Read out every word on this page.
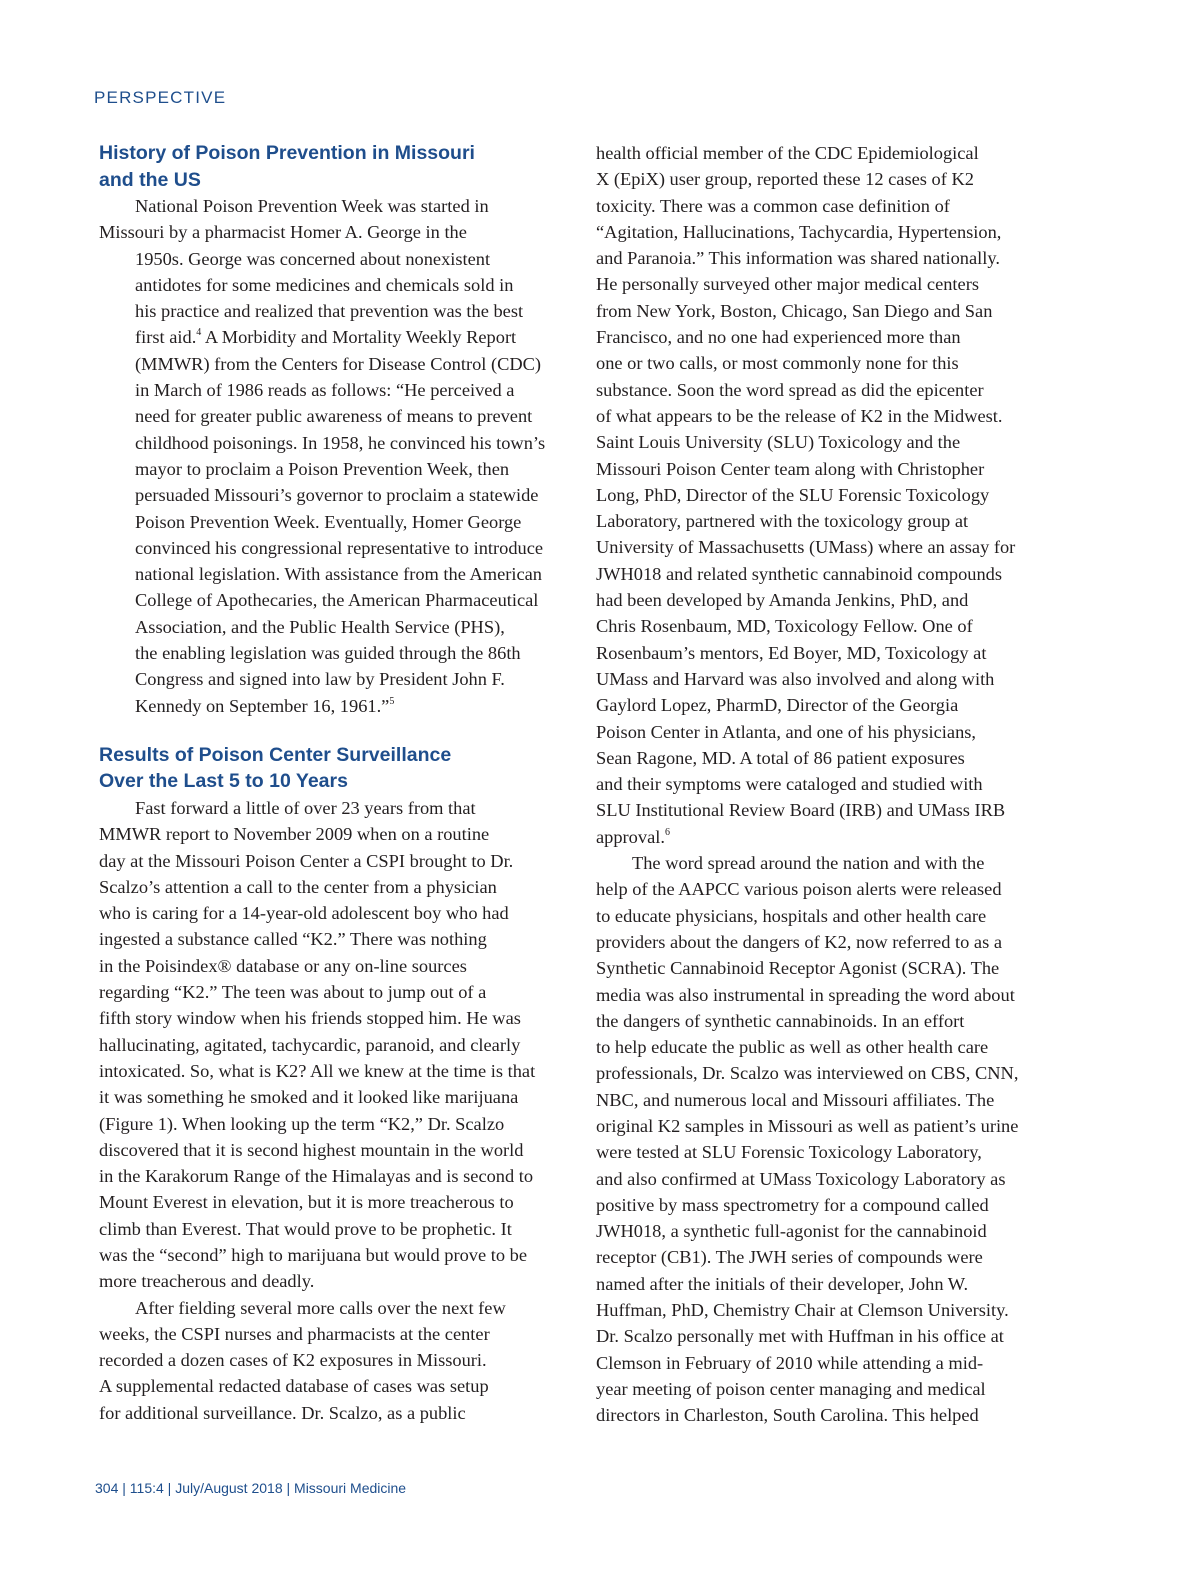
PERSPECTIVE
History of Poison Prevention in Missouri
and the US

National Poison Prevention Week was started in
Missouri by a pharmacist Homer A. George in the
1950s. George was concerned about nonexistent
antidotes for some medicines and chemicals sold in
his practice and realized that prevention was the best
first aid.$^4$ A Morbidity and Mortality Weekly Report
(MMWR) from the Centers for Disease Control (CDC)
in March of 1986 reads as follows: “He perceived a
need for greater public awareness of means to prevent
childhood poisonings. In 1958, he convinced his town’s
mayor to proclaim a Poison Prevention Week, then
persuaded Missouri’s governor to proclaim a statewide
Poison Prevention Week. Eventually, Homer George
convinced his congressional representative to introduce
national legislation. With assistance from the American
College of Apothecaries, the American Pharmaceutical
Association, and the Public Health Service (PHS),
the enabling legislation was guided through the 86th
Congress and signed into law by President John F.
Kennedy on September 16, 1961.”$^5$

Results of Poison Center Surveillance
Over the Last 5 to 10 Years

Fast forward a little of over 23 years from that
MMWR report to November 2009 when on a routine
day at the Missouri Poison Center a CSPI brought to Dr.
Scalzo’s attention a call to the center from a physician
who is caring for a 14-year-old adolescent boy who had
ingested a substance called “K2.” There was nothing
in the Poisindex® database or any on-line sources
regarding “K2.” The teen was about to jump out of a
fifth story window when his friends stopped him. He was
hallucinating, agitated, tachycardic, paranoid, and clearly
intoxicated. So, what is K2? All we knew at the time is that
it was something he smoked and it looked like marijuana
(Figure 1). When looking up the term “K2,” Dr. Scalzo
discovered that it is second highest mountain in the world
in the Karakorum Range of the Himalayas and is second to
Mount Everest in elevation, but it is more treacherous to
climb than Everest. That would prove to be prophetic. It
was the “second” high to marijuana but would prove to be
more treacherous and deadly.

After fielding several more calls over the next few
weeks, the CSPI nurses and pharmacists at the center
recorded a dozen cases of K2 exposures in Missouri.
A supplemental redacted database of cases was setup
for additional surveillance. Dr. Scalzo, as a public

health official member of the CDC Epidemiological
X (EpiX) user group, reported these 12 cases of K2
toxicity. There was a common case definition of
“Agitation, Hallucinations, Tachycardia, Hypertension,
and Paranoia.” This information was shared nationally.
He personally surveyed other major medical centers
from New York, Boston, Chicago, San Diego and San
Francisco, and no one had experienced more than
one or two calls, or most commonly none for this
substance. Soon the word spread as did the epicenter
of what appears to be the release of K2 in the Midwest.
Saint Louis University (SLU) Toxicology and the
Missouri Poison Center team along with Christopher
Long, PhD, Director of the SLU Forensic Toxicology
Laboratory, partnered with the toxicology group at
University of Massachusetts (UMass) where an assay for
JWH018 and related synthetic cannabinoid compounds
had been developed by Amanda Jenkins, PhD, and
Chris Rosenbaum, MD, Toxicology Fellow. One of
Rosenbaum’s mentors, Ed Boyer, MD, Toxicology at
UMass and Harvard was also involved and along with
Gaylord Lopez, PharmD, Director of the Georgia
Poison Center in Atlanta, and one of his physicians,
Sean Ragone, MD. A total of 86 patient exposures
and their symptoms were cataloged and studied with
SLU Institutional Review Board (IRB) and UMass IRB
approval.$^6$

The word spread around the nation and with the
help of the AAPCC various poison alerts were released
to educate physicians, hospitals and other health care
providers about the dangers of K2, now referred to as a
Synthetic Cannabinoid Receptor Agonist (SCRA). The
media was also instrumental in spreading the word about
the dangers of synthetic cannabinoids. In an effort
to help educate the public as well as other health care
professionals, Dr. Scalzo was interviewed on CBS, CNN,
NBC, and numerous local and Missouri affiliates. The
original K2 samples in Missouri as well as patient’s urine
were tested at SLU Forensic Toxicology Laboratory,
and also confirmed at UMass Toxicology Laboratory as
positive by mass spectrometry for a compound called
JWH018, a synthetic full-agonist for the cannabinoid
receptor (CB1). The JWH series of compounds were
named after the initials of their developer, John W.
Huffman, PhD, Chemistry Chair at Clemson University.
Dr. Scalzo personally met with Huffman in his office at
Clemson in February of 2010 while attending a mid-
year meeting of poison center managing and medical
directors in Charleston, South Carolina. This helped

304 | 115:4 | July/August 2018 | Missouri Medicine
